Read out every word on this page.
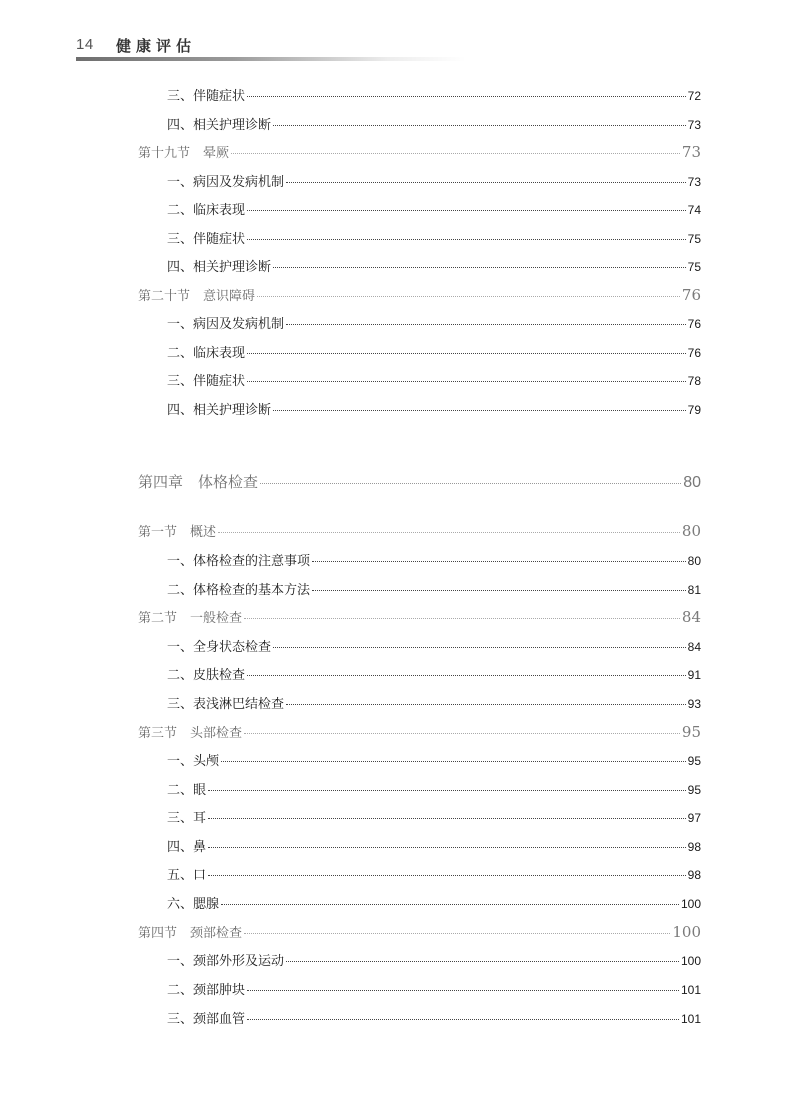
14 健康评估
三、伴随症状	72
四、相关护理诊断	73
第十九节　晕厥	73
一、病因及发病机制	73
二、临床表现	74
三、伴随症状	75
四、相关护理诊断	75
第二十节　意识障碍	76
一、病因及发病机制	76
二、临床表现	76
三、伴随症状	78
四、相关护理诊断	79
第四章　体格检查	80
第一节　概述	80
一、体格检查的注意事项	80
二、体格检查的基本方法	81
第二节　一般检查	84
一、全身状态检查	84
二、皮肤检查	91
三、表浅淋巴结检查	93
第三节　头部检查	95
一、头颅	95
二、眼	95
三、耳	97
四、鼻	98
五、口	98
六、腮腺	100
第四节　颈部检查	100
一、颈部外形及运动	100
二、颈部肿块	101
三、颈部血管	101
